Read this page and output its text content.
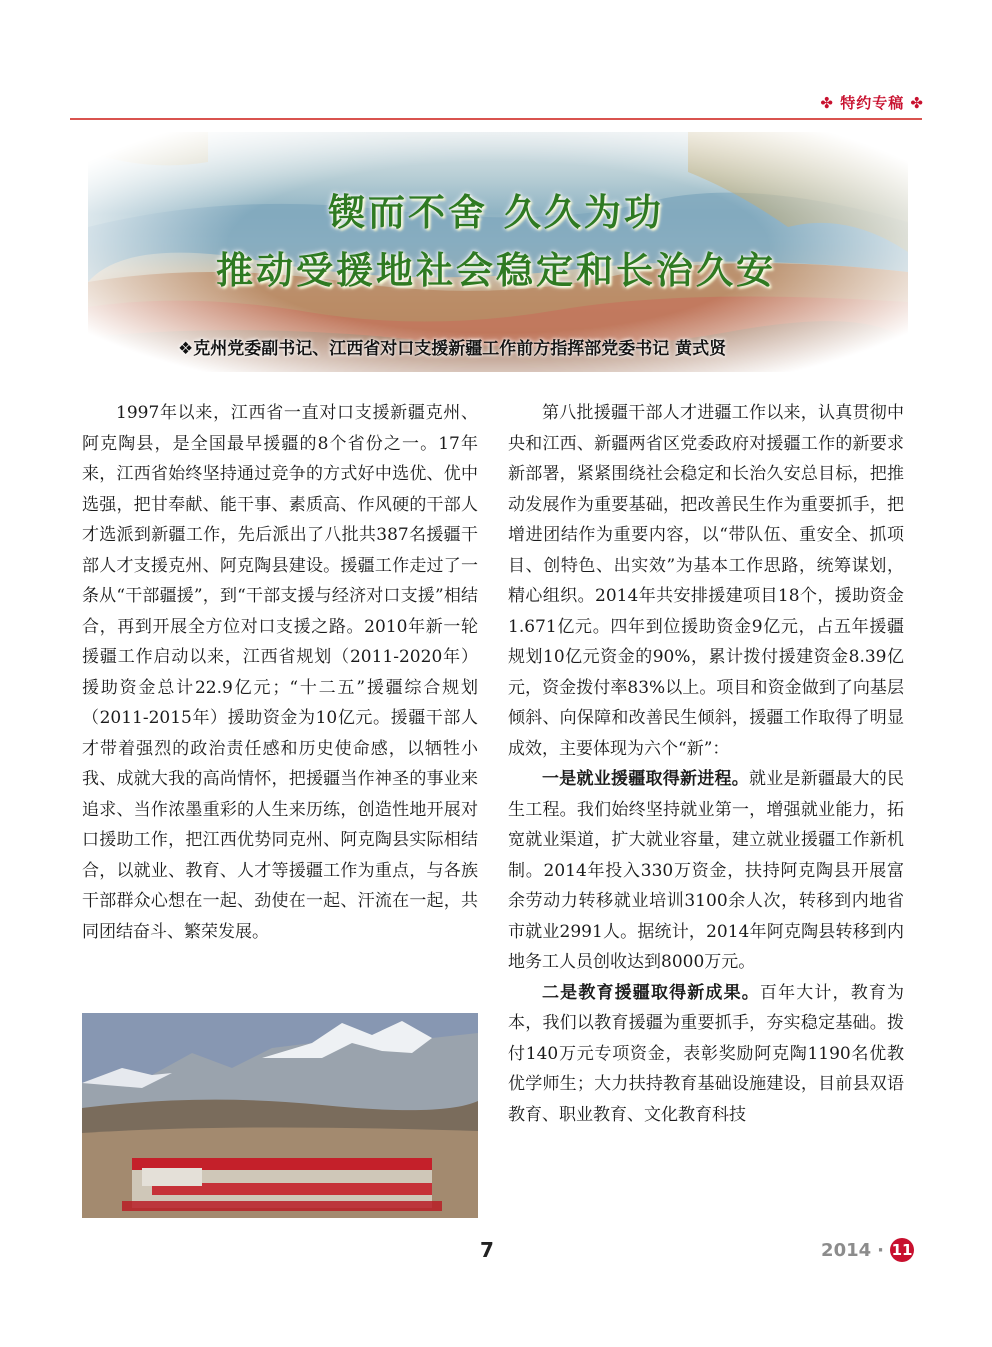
✤ 特约专稿 ✤
锲而不舍 久久为功
推动受援地社会稳定和长治久安
❖克州党委副书记、江西省对口支援新疆工作前方指挥部党委书记 黄式贤

1997年以来，江西省一直对口支援新疆克州、阿克陶县，是全国最早援疆的8个省份之一。17年来，江西省始终坚持通过竞争的方式好中选优、优中选强，把甘奉献、能干事、素质高、作风硬的干部人才选派到新疆工作，先后派出了八批共387名援疆干部人才支援克州、阿克陶县建设。援疆工作走过了一条从“干部疆援”，到“干部支援与经济对口支援”相结合，再到开展全方位对口支援之路。2010年新一轮援疆工作启动以来，江西省规划（2011-2020年）援助资金总计22.9亿元；“十二五”援疆综合规划（2011-2015年）援助资金为10亿元。援疆干部人才带着强烈的政治责任感和历史使命感，以牺牲小我、成就大我的高尚情怀，把援疆当作神圣的事业来追求、当作浓墨重彩的人生来历练，创造性地开展对口援助工作，把江西优势同克州、阿克陶县实际相结合，以就业、教育、人才等援疆工作为重点，与各族干部群众心想在一起、劲使在一起、汗流在一起，共同团结奋斗、繁荣发展。

第八批援疆干部人才进疆工作以来，认真贯彻中央和江西、新疆两省区党委政府对援疆工作的新要求新部署，紧紧围绕社会稳定和长治久安总目标，把推动发展作为重要基础，把改善民生作为重要抓手，把增进团结作为重要内容，以“带队伍、重安全、抓项目、创特色、出实效”为基本工作思路，统筹谋划，精心组织。2014年共安排援建项目18个，援助资金1.671亿元。四年到位援助资金9亿元，占五年援疆规划10亿元资金的90%，累计拨付援建资金8.39亿元，资金拨付率83%以上。项目和资金做到了向基层倾斜、向保障和改善民生倾斜，援疆工作取得了明显成效，主要体现为六个“新”：

一是就业援疆取得新进程。就业是新疆最大的民生工程。我们始终坚持就业第一，增强就业能力，拓宽就业渠道，扩大就业容量，建立就业援疆工作新机制。2014年投入330万资金，扶持阿克陶县开展富余劳动力转移就业培训3100余人次，转移到内地省市就业2991人。据统计，2014年阿克陶县转移到内地务工人员创收达到8000万元。

二是教育援疆取得新成果。百年大计，教育为本，我们以教育援疆为重要抓手，夯实稳定基础。拨付140万元专项资金，表彰奖励阿克陶1190名优教优学师生；大力扶持教育基础设施建设，目前县双语教育、职业教育、文化教育科技

7	2014 · 11
